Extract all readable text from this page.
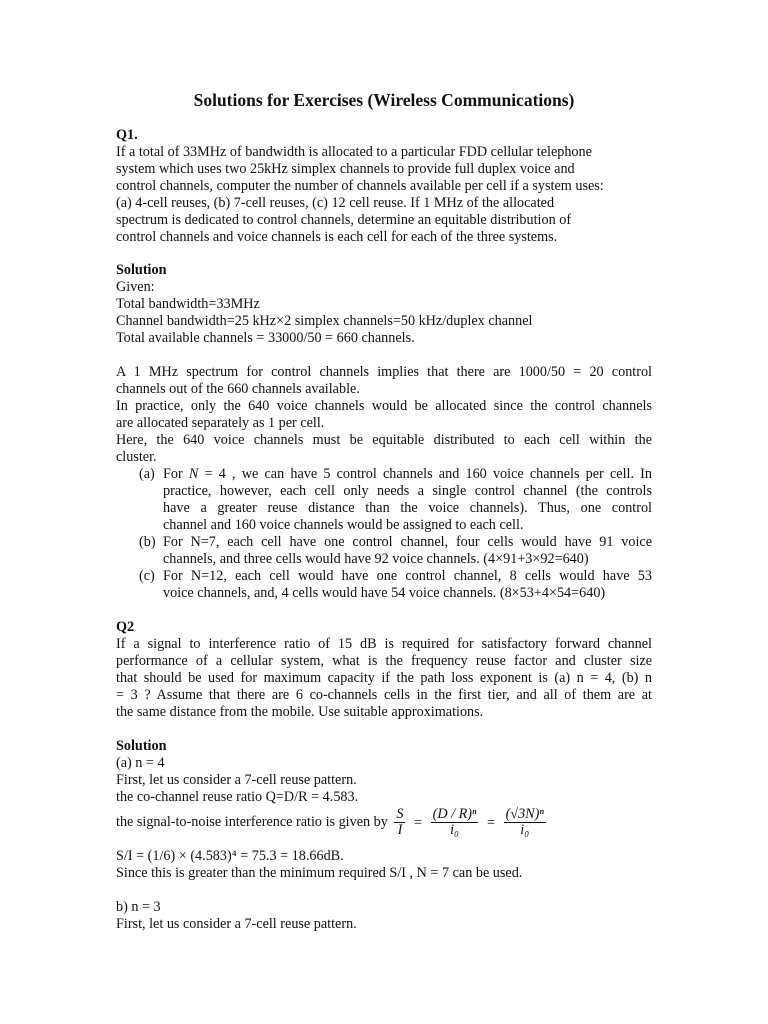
Solutions for Exercises (Wireless Communications)
Q1.
If a total of 33MHz of bandwidth is allocated to a particular FDD cellular telephone
system which uses two 25kHz simplex channels to provide full duplex voice and
control channels, computer the number of channels available per cell if a system uses:
(a) 4-cell reuses, (b) 7-cell reuses, (c) 12 cell reuse. If 1 MHz of the allocated
spectrum is dedicated to control channels, determine an equitable distribution of
control channels and voice channels is each cell for each of the three systems.
Solution
Given:
Total bandwidth=33MHz
Channel bandwidth=25 kHz×2 simplex channels=50 kHz/duplex channel
Total available channels = 33000/50 = 660 channels.
A 1 MHz spectrum for control channels implies that there are 1000/50 = 20 control
channels out of the 660 channels available.
In practice, only the 640 voice channels would be allocated since the control channels
are allocated separately as 1 per cell.
Here, the 640 voice channels must be equitable distributed to each cell within the
cluster.
(a) For N = 4 , we can have 5 control channels and 160 voice channels per cell. In
practice, however, each cell only needs a single control channel (the controls
have a greater reuse distance than the voice channels). Thus, one control
channel and 160 voice channels would be assigned to each cell.
(b) For N=7, each cell have one control channel, four cells would have 91 voice
channels, and three cells would have 92 voice channels. (4×91+3×92=640)
(c) For N=12, each cell would have one control channel, 8 cells would have 53
voice channels, and, 4 cells would have 54 voice channels. (8×53+4×54=640)
Q2
If a signal to interference ratio of 15 dB is required for satisfactory forward channel
performance of a cellular system, what is the frequency reuse factor and cluster size
that should be used for maximum capacity if the path loss exponent is (a) n = 4, (b) n
= 3 ? Assume that there are 6 co-channels cells in the first tier, and all of them are at
the same distance from the mobile. Use suitable approximations.
Solution
(a) n = 4
First, let us consider a 7-cell reuse pattern.
the co-channel reuse ratio Q=D/R = 4.583.
the signal-to-noise interference ratio is given by $\frac{S}{I} = \frac{\text{(D / R)ⁿ}}{\text{i₀}} = \frac{\text{(√3N)ⁿ}}{\text{i₀}}$
S/I = (1/6) × (4.583)⁴ = 75.3 = 18.66dB.
Since this is greater than the minimum required S/I , N = 7 can be used.
b) n = 3
First, let us consider a 7-cell reuse pattern.
